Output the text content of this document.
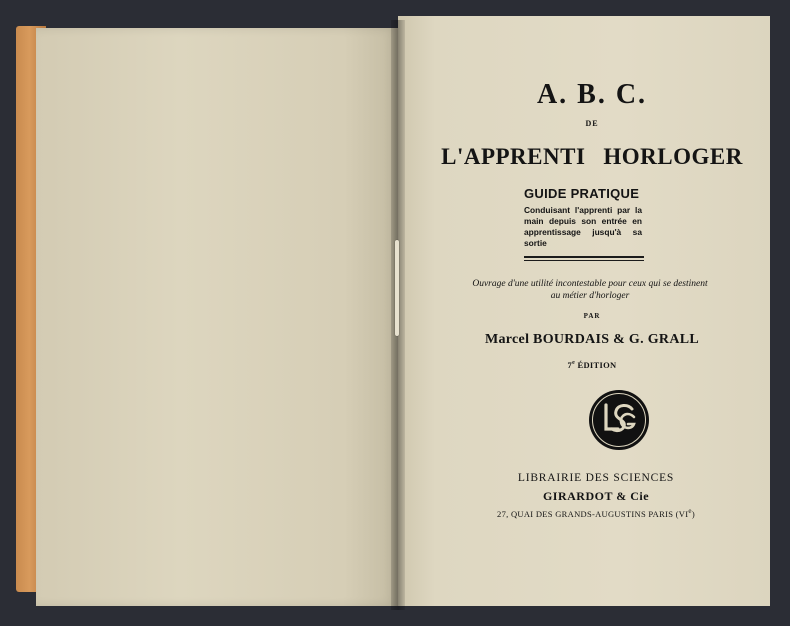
A. B. C.
DE
L'APPRENTI HORLOGER
GUIDE PRATIQUE
Conduisant l'apprenti par la main depuis son entrée en apprentissage jusqu'à sa sortie
Ouvrage d'une utilité incontestable pour ceux qui se destinent
au métier d'horloger
PAR
Marcel BOURDAIS & G. GRALL
7e ÉDITION
LIBRAIRIE DES SCIENCES
GIRARDOT & Cie
27, QUAI DES GRANDS-AUGUSTINS PARIS (VIe)
